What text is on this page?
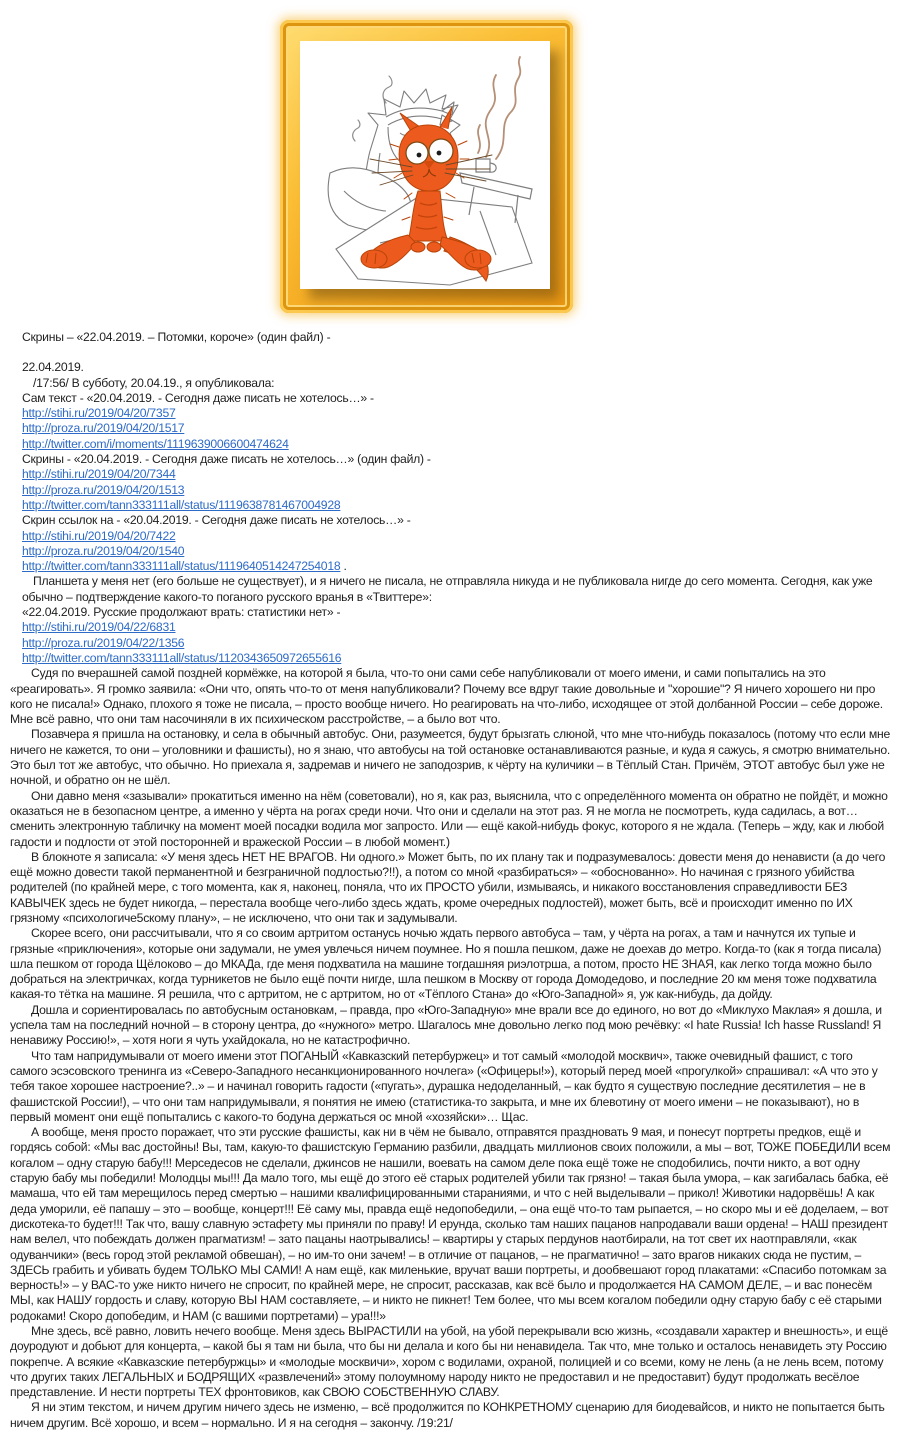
Скрины – «22.04.2019. – Потомки, короче» (один файл) -

22.04.2019.

/17:56/ В субботу, 20.04.19., я опубликовала:

Сам текст - «20.04.2019. - Сегодня даже писать не хотелось…» -

http://stihi.ru/2019/04/20/7357

http://proza.ru/2019/04/20/1517

http://twitter.com/i/moments/1119639006600474624

Скрины - «20.04.2019. - Сегодня даже писать не хотелось…» (один файл) -

http://stihi.ru/2019/04/20/7344

http://proza.ru/2019/04/20/1513

http://twitter.com/tann333111all/status/1119638781467004928

Скрин ссылок на - «20.04.2019. - Сегодня даже писать не хотелось…» -

http://stihi.ru/2019/04/20/7422

http://proza.ru/2019/04/20/1540

http://twitter.com/tann333111all/status/1119640514247254018 .

Планшета у меня нет (его больше не существует), и я ничего не писала, не отправляла никуда и не публиковала нигде до сего момента. Сегодня, как уже обычно – подтверждение какого-то поганого русского вранья в «Твиттере»:

«22.04.2019. Русские продолжают врать: статистики нет» -

http://stihi.ru/2019/04/22/6831

http://proza.ru/2019/04/22/1356

http://twitter.com/tann333111all/status/1120343650972655616

Судя по вчерашней самой поздней кормёжке, на которой я была, что-то они сами себе напубликовали от моего имени, и сами попытались на это «реагировать». Я громко заявила: «Они что, опять что-то от меня напубликовали? Почему все вдруг такие довольные и "хорошие"? Я ничего хорошего ни про кого не писала!» Однако, плохого я тоже не писала, – просто вообще ничего. Но реагировать на что-либо, исходящее от этой долбанной России – себе дороже. Мне всё равно, что они там насочиняли в их психическом расстройстве, – а было вот что.

Позавчера я пришла на остановку, и села в обычный автобус. Они, разумеется, будут брызгать слюной, что мне что-нибудь показалось (потому что если мне ничего не кажется, то они – уголовники и фашисты), но я знаю, что автобусы на той остановке останавливаются разные, и куда я сажусь, я смотрю внимательно. Это был тот же автобус, что обычно. Но приехала я, задремав и ничего не заподозрив, к чёрту на куличики – в Тёплый Стан. Причём, ЭТОТ автобус был уже не ночной, и обратно он не шёл.

Они давно меня «зазывали» прокатиться именно на нём (советовали), но я, как раз, выяснила, что с определённого момента он обратно не пойдёт, и можно оказаться не в безопасном центре, а именно у чёрта на рогах среди ночи. Что они и сделали на этот раз. Я не могла не посмотреть, куда садилась, а вот… сменить электронную табличку на момент моей посадки водила мог запросто. Или — ещё какой-нибудь фокус, которого я не ждала. (Теперь – жду, как и любой гадости и подлости от этой посторонней и вражеской России – в любой момент.)

В блокноте я записала: «У меня здесь НЕТ НЕ ВРАГОВ. Ни одного.» Может быть, по их плану так и подразумевалось: довести меня до ненависти (а до чего ещё можно довести такой перманентной и безграничной подлостью?!!), а потом со мной «разбираться» – «обоснованно». Но начиная с грязного убийства родителей (по крайней мере, с того момента, как я, наконец, поняла, что их ПРОСТО убили, измываясь, и никакого восстановления справедливости БЕЗ КАВЫЧЕК здесь не будет никогда, – перестала вообще чего-либо здесь ждать, кроме очередных подлостей), может быть, всё и происходит именно по ИХ грязному «психологиче5скому плану», – не исключено, что они так и задумывали.

Скорее всего, они рассчитывали, что я со своим артритом останусь ночью ждать первого автобуса – там, у чёрта на рогах, а там и начнутся их тупые и грязные «приключения», которые они задумали, не умея увлечься ничем поумнее. Но я пошла пешком, даже не доехав до метро. Когда-то (как я тогда писала) шла пешком от города Щёлоково – до МКАДа, где меня подхватила на машине тогдашняя риэлотрша, а потом, просто НЕ ЗНАЯ, как легко тогда можно было добраться на электричках, когда турникетов не было ещё почти нигде, шла пешком в Москву от города Домодедово, и последние 20 км меня тоже подхватила какая-то тётка на машине. Я решила, что с артритом, не с артритом, но от «Тёплого Стана» до «Юго-Западной» я, уж как-нибудь, да дойду.

Дошла и сориентировалась по автобусным остановкам, – правда, про «Юго-Западную» мне врали все до единого, но вот до «Миклухо Маклая» я дошла, и успела там на последний ночной – в сторону центра, до «нужного» метро. Шагалось мне довольно легко под мою речёвку: «I hate Russia! Ich hasse Russland! Я ненавижу Россию!», – хотя ноги я чуть ухайдокала, но не катастрофично.

Что там напридумывали от моего имени этот ПОГАНЫЙ «Кавказский петербуржец» и тот самый «молодой москвич», также очевидный фашист, с того самого эсэсовского тренинга из «Северо-Западного несанкционированного ночлега» («Офицеры!»), который перед моей «прогулкой» спрашивал: «А что это у тебя такое хорошее настроение?..» – и начинал говорить гадости («пугать», дурашка недоделанный, – как будто я существую последние десятилетия – не в фашистской России!), – что они там напридумывали, я понятия не имею (статистика-то закрыта, и мне их блевотину от моего имени – не показывают), но в первый момент они ещё попытались с какого-то бодуна держаться ос мной «хозяйски»… Щас.

А вообще, меня просто поражает, что эти русские фашисты, как ни в чём не бывало, отправятся праздновать 9 мая, и понесут портреты предков, ещё и гордясь собой: «Мы вас достойны! Вы, там, какую-то фашистскую Германию разбили, двадцать миллионов своих положили, а мы – вот, ТОЖЕ ПОБЕДИЛИ всем когалом – одну старую бабу!!! Мерседесов не сделали, джинсов не нашили, воевать на самом деле пока ещё тоже не сподобились, почти никто, а вот одну старую бабу мы победили! Молодцы мы!!! Да мало того, мы ещё до этого её старых родителей убили так грязно! – такая была умора, – как загибалась бабка, её мамаша, что ей там мерещилось перед смертью – нашими квалифицированными стараниями, и что с ней выделывали – прикол! Животики надорвёшь! А как деда уморили, её папашу – это – вообще, концерт!!! Её саму мы, правда ещё недопобедили, – она ещё что-то там рыпается, – но скоро мы и её доделаем, – вот дискотека-то будет!!! Так что, вашу славную эстафету мы приняли по праву! И ерунда, сколько там наших пацанов напродавали ваши ордена! – НАШ президент нам велел, что побеждать должен прагматизм! – зато пацаны наотрывались! – квартиры у старых пердунов наотбирали, на тот свет их наотправляли, «как одуванчики» (весь город этой рекламой обвешан), – но им-то они зачем! – в отличие от пацанов, – не прагматично! – зато врагов никаких сюда не пустим, – ЗДЕСЬ грабить и убивать будем ТОЛЬКО МЫ САМИ! А нам ещё, как миленькие, вручат ваши портреты, и дообвешают город плакатами: «Спасибо потомкам за верность!» – у ВАС-то уже никто ничего не спросит, по крайней мере, не спросит, рассказав, как всё было и продолжается НА САМОМ ДЕЛЕ, – и вас понесём МЫ, как НАШУ гордость и славу, которую ВЫ НАМ составляете, – и никто не пикнет! Тем более, что мы всем когалом победили одну старую бабу с её старыми родоками! Скоро допобедим, и НАМ (с вашими портретами) – ура!!!»

Мне здесь, всё равно, ловить нечего вообще. Меня здесь ВЫРАСТИЛИ на убой, на убой перекрывали всю жизнь, «создавали характер и внешность», и ещё доуродуют и добьют для концерта, – какой бы я там ни была, что бы ни делала и кого бы ни ненавидела. Так что, мне только и осталось ненавидеть эту Россию покрепче. А всякие «Кавказские петербуржцы» и «молодые москвичи», хором с водилами, охраной, полицией и со всеми, кому не лень (а не лень всем, потому что других таких ЛЕГАЛЬНЫХ и БОДРЯЩИХ «развлечений» этому полоумному народу никто не предоставил и не предоставит) будут продолжать весёлое представление. И нести портреты ТЕХ фронтовиков, как СВОЮ СОБСТВЕННУЮ СЛАВУ.

Я ни этим текстом, и ничем другим ничего здесь не изменю, – всё продолжится по КОНКРЕТНОМУ сценарию для биодевайсов, и никто не попытается быть ничем другим. Всё хорошо, и всем – нормально. И я на сегодня – закончу. /19:21/
